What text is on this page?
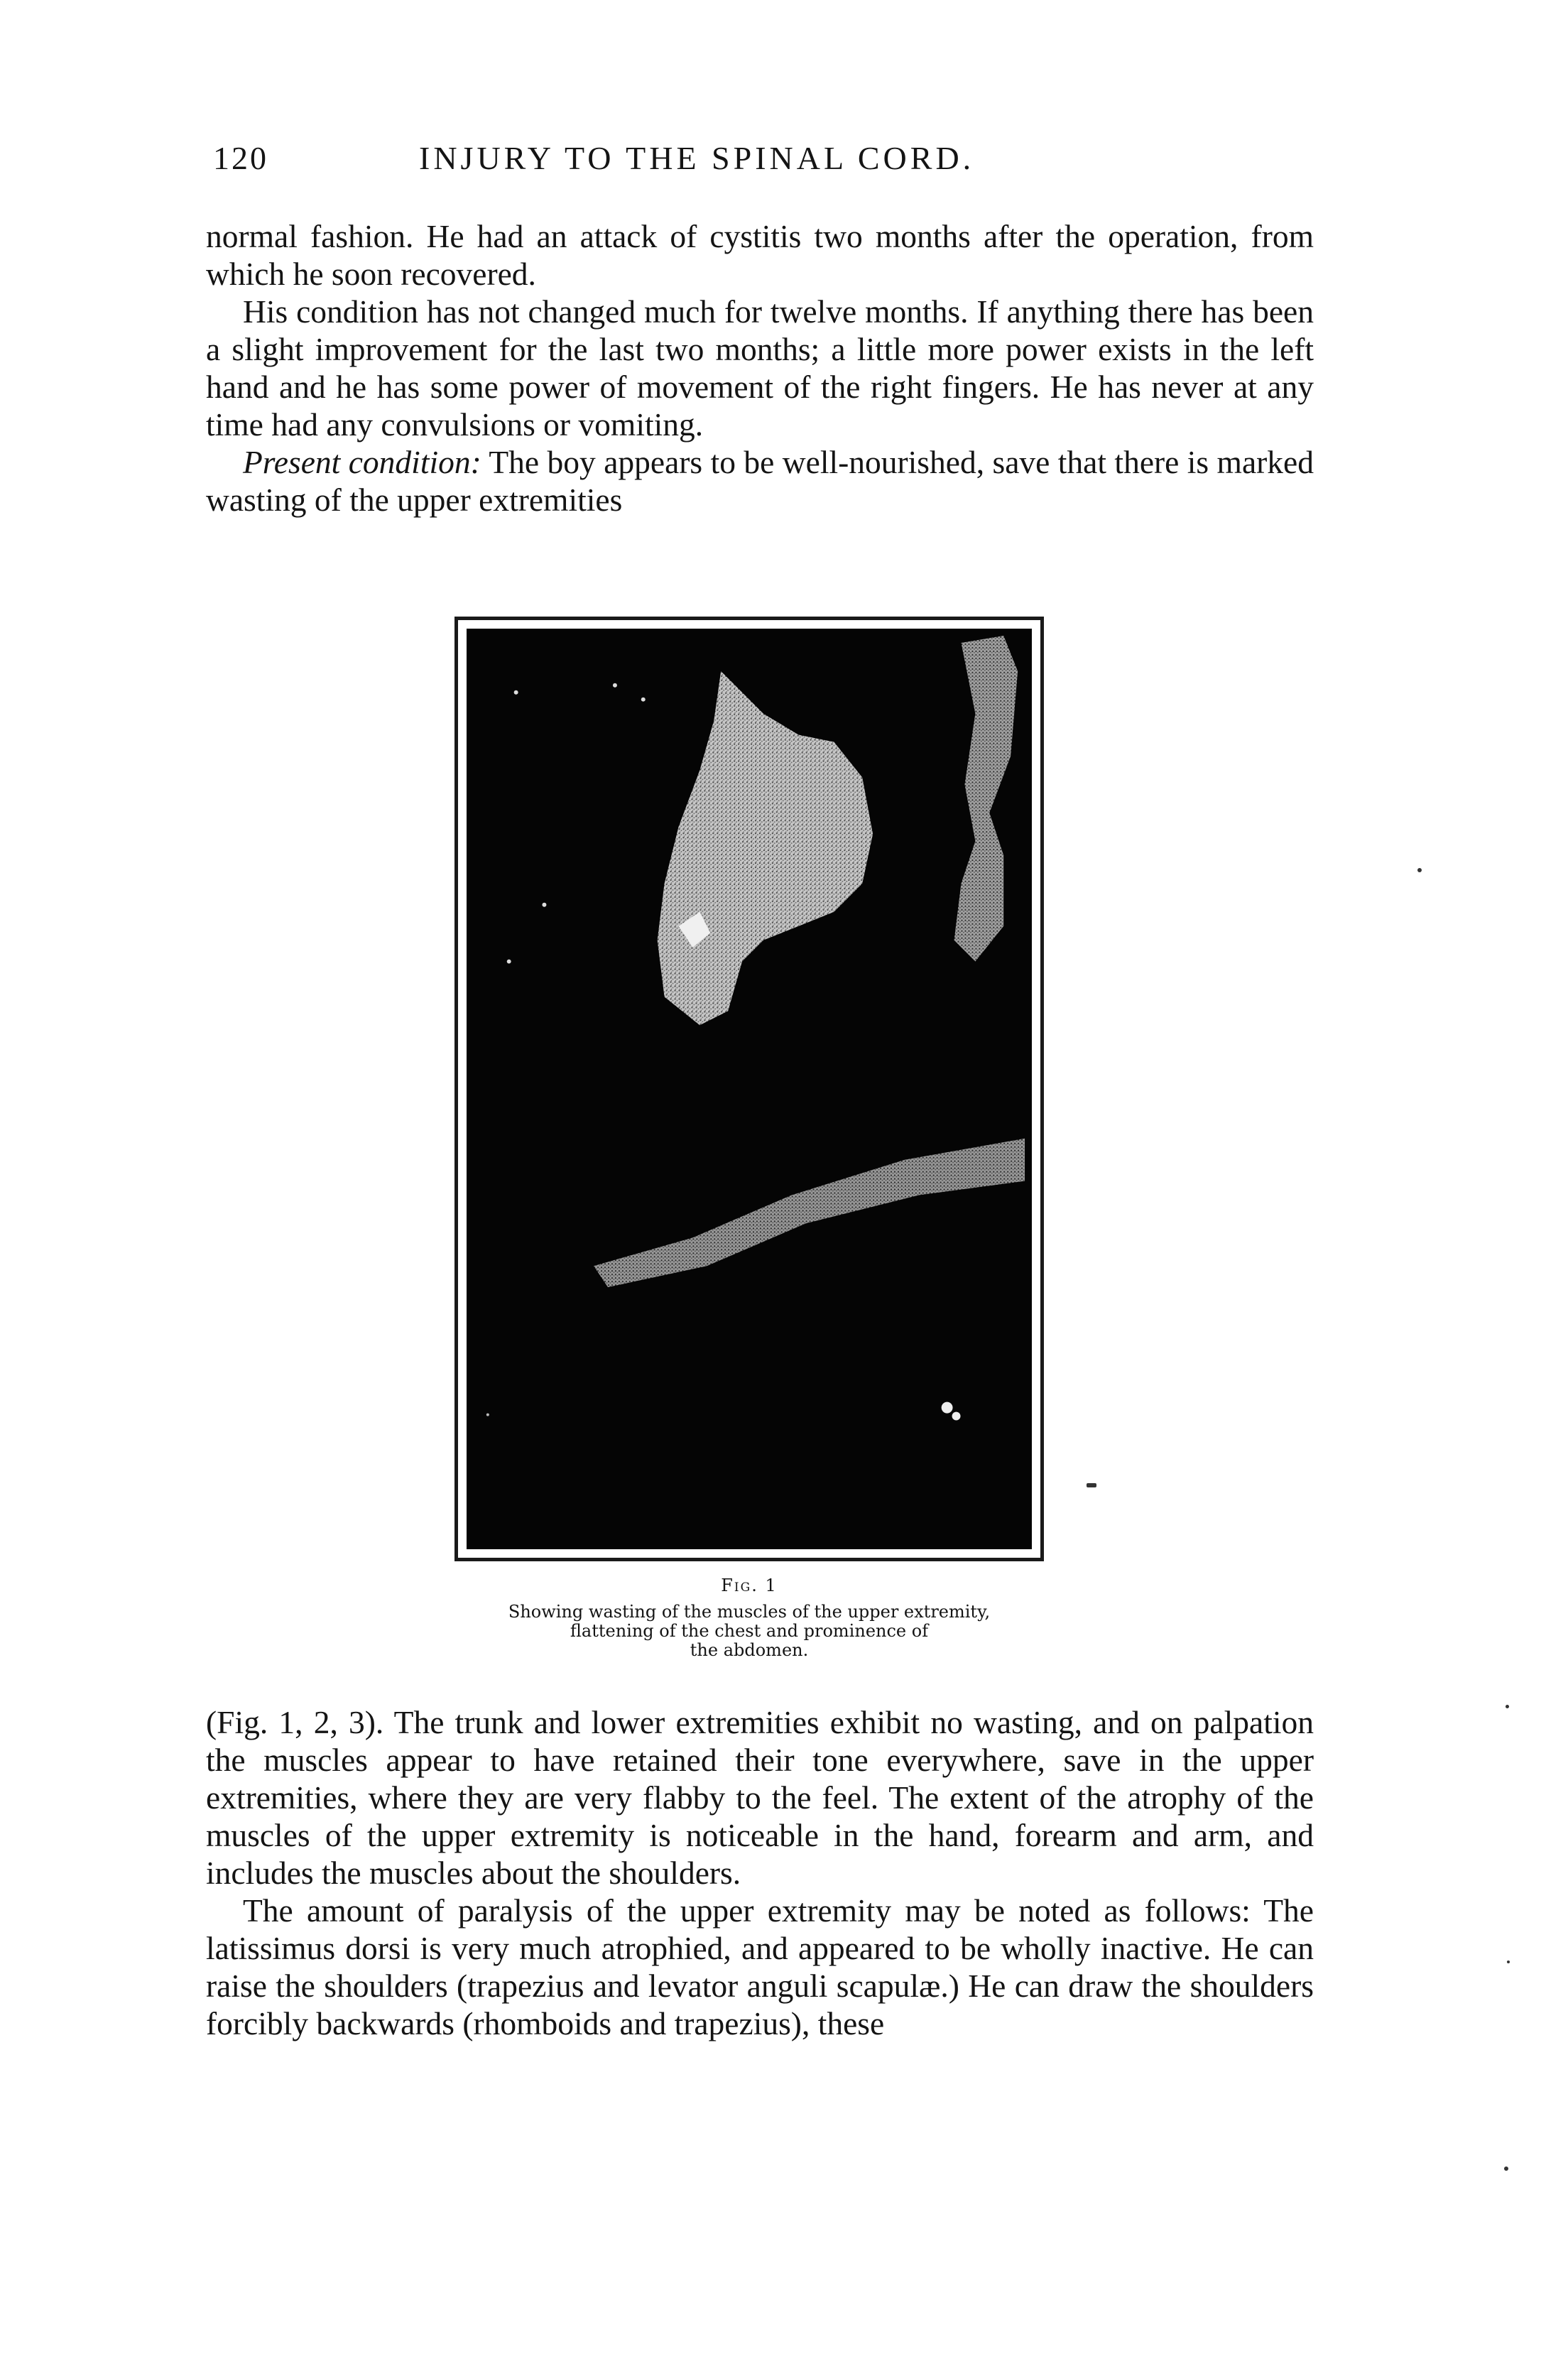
120	INJURY TO THE SPINAL CORD.

normal fashion. He had an attack of cystitis two months after the operation, from which he soon recovered.

His condition has not changed much for twelve months. If anything there has been a slight improvement for the last two months; a little more power exists in the left hand and he has some power of movement of the right fingers. He has never at any time had any convulsions or vomiting.

Present condition: The boy appears to be well-nourished, save that there is marked wasting of the upper extremities

Fig. 1
Showing wasting of the muscles of the upper extremity,
flattening of the chest and prominence of
the abdomen.

(Fig. 1, 2, 3). The trunk and lower extremities exhibit no wasting, and on palpation the muscles appear to have retained their tone everywhere, save in the upper extremities, where they are very flabby to the feel. The extent of the atrophy of the muscles of the upper extremity is noticeable in the hand, forearm and arm, and includes the muscles about the shoulders.

The amount of paralysis of the upper extremity may be noted as follows: The latissimus dorsi is very much atrophied, and appeared to be wholly inactive. He can raise the shoulders (trapezius and levator anguli scapulæ.) He can draw the shoulders forcibly backwards (rhomboids and trapezius), these
